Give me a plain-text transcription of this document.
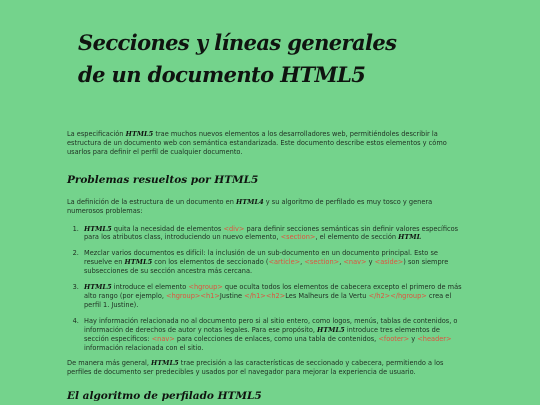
Secciones y líneas generales de un documento HTML5

La especificación HTML5 trae muchos nuevos elementos a los desarrolladores web, permitiéndoles describir la estructura de un documento web con semántica estandarizada. Este documento describe estos elementos y cómo usarlos para definir el perfil de cualquier documento.

Problemas resueltos por HTML5

La definición de la estructura de un documento en HTML4 y su algoritmo de perfilado es muy tosco y genera numerosos problemas:

1. HTML5 quita la necesidad de elementos <div> para definir secciones semánticas sin definir valores específicos para los atributos class, introduciendo un nuevo elemento, <section>, el elemento de sección HTML
2. Mezclar varios documentos es difícil: la inclusión de un sub-documento en un documento principal. Esto se resuelve en HTML5 con los elementos de seccionado (<article>, <section>, <nav> y <aside>) son siempre subsecciones de su sección ancestra más cercana.
3. HTML5 introduce el elemento <hgroup> que oculta todos los elementos de cabecera excepto el primero de más alto rango (por ejemplo, <hgroup><h1>Justine </h1><h2>Les Malheurs de la Vertu </h2></hgroup> crea el perfil 1. Justine).
4. Hay información relacionada no al documento pero si al sitio entero, como logos, menús, tablas de contenidos, o información de derechos de autor y notas legales. Para ese propósito, HTML5 introduce tres elementos de sección específicos: <nav> para colecciones de enlaces, como una tabla de contenidos, <footer> y <header> información relacionada con el sitio.

De manera más general, HTML5 trae precisión a las características de seccionado y cabecera, permitiendo a los perfiles de documento ser predecibles y usados por el navegador para mejorar la experiencia de usuario.

El algoritmo de perfilado HTML5
